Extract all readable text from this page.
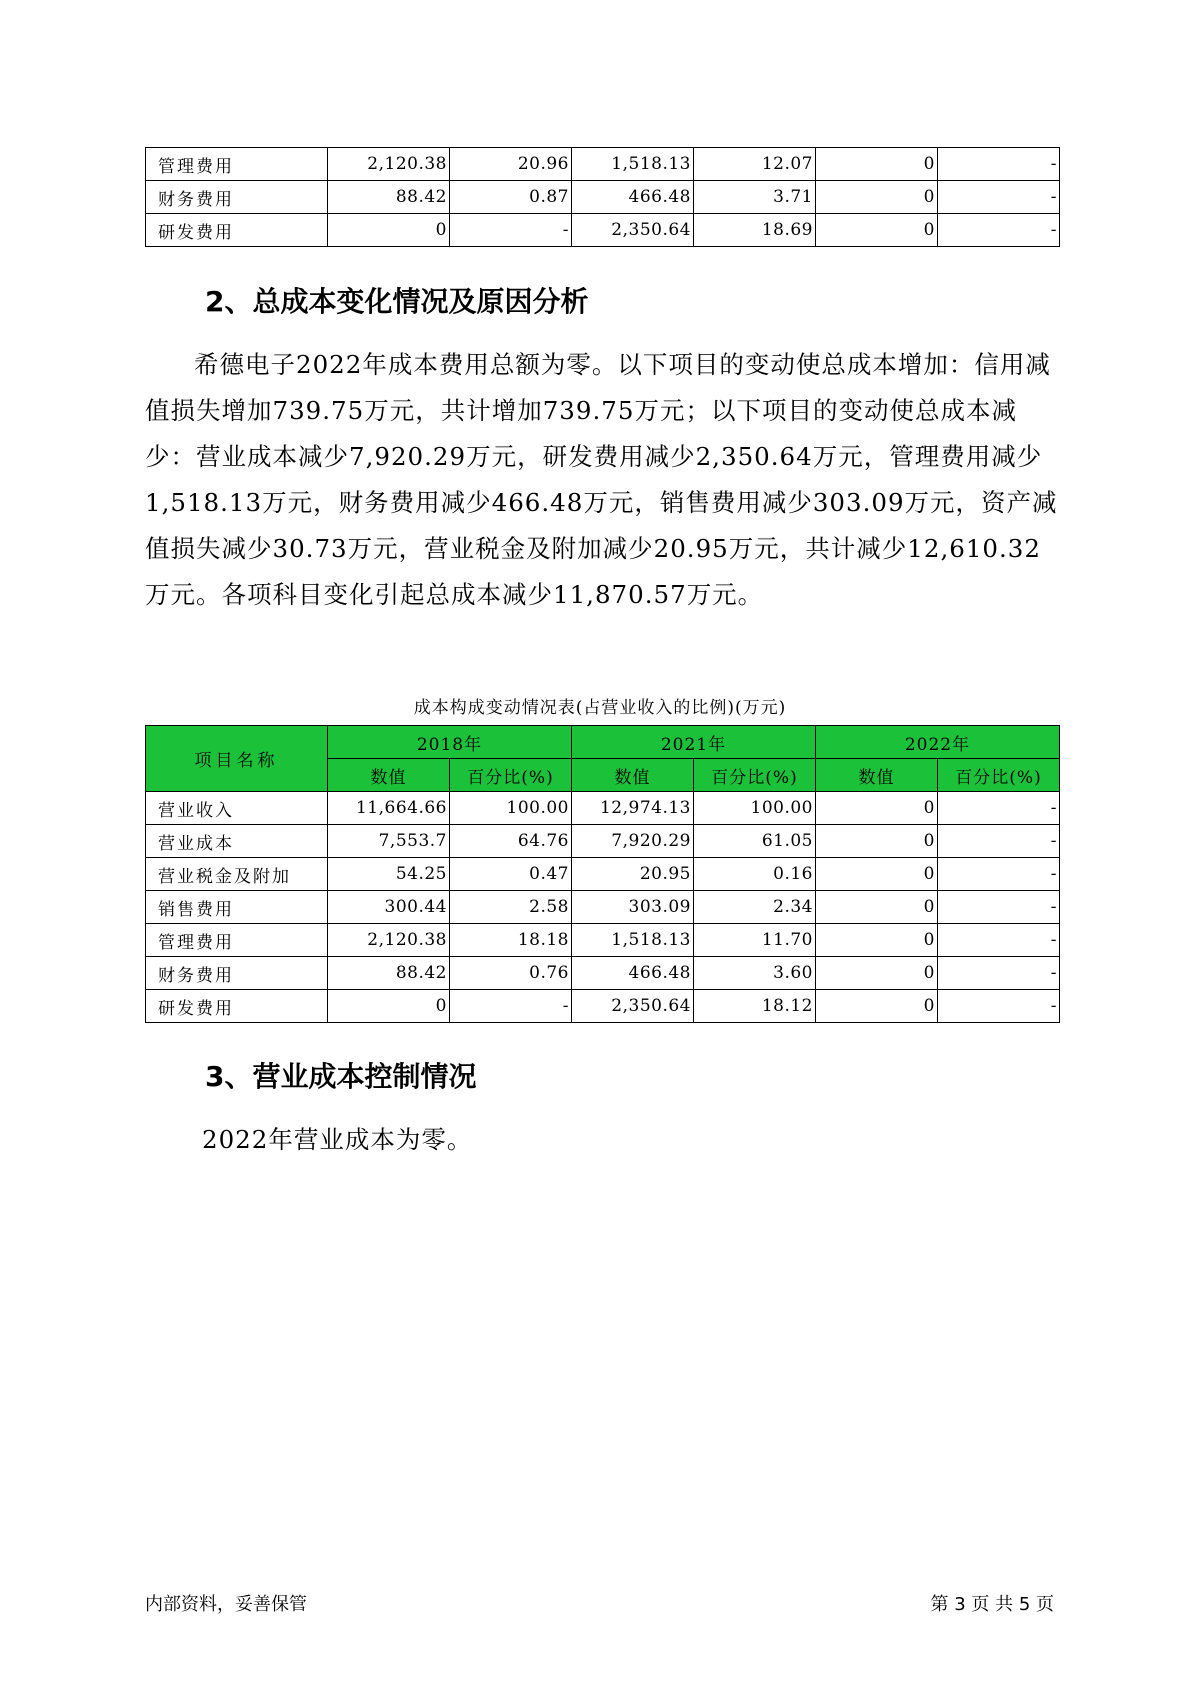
管理费用	2,120.38	20.96	1,518.13	12.07	0	-
财务费用	88.42	0.87	466.48	3.71	0	-
研发费用	0	-	2,350.64	18.69	0	-
2、总成本变化情况及原因分析

希德电子2022年成本费用总额为零。以下项目的变动使总成本增加：信用减值损失增加739.75万元，共计增加739.75万元；以下项目的变动使总成本减少：营业成本减少7,920.29万元，研发费用减少2,350.64万元，管理费用减少1,518.13万元，财务费用减少466.48万元，销售费用减少303.09万元，资产减值损失减少30.73万元，营业税金及附加减少20.95万元，共计减少12,610.32万元。各项科目变化引起总成本减少11,870.57万元。

成本构成变动情况表(占营业收入的比例)(万元)
项目名称	2018年		2021年		2022年	
	数值	百分比(%)	数值	百分比(%)	数值	百分比(%)
营业收入	11,664.66	100.00	12,974.13	100.00	0	-
营业成本	7,553.7	64.76	7,920.29	61.05	0	-
营业税金及附加	54.25	0.47	20.95	0.16	0	-
销售费用	300.44	2.58	303.09	2.34	0	-
管理费用	2,120.38	18.18	1,518.13	11.70	0	-
财务费用	88.42	0.76	466.48	3.60	0	-
研发费用	0	-	2,350.64	18.12	0	-
3、营业成本控制情况

2022年营业成本为零。

内部资料，妥善保管	第 3 页 共 5 页
